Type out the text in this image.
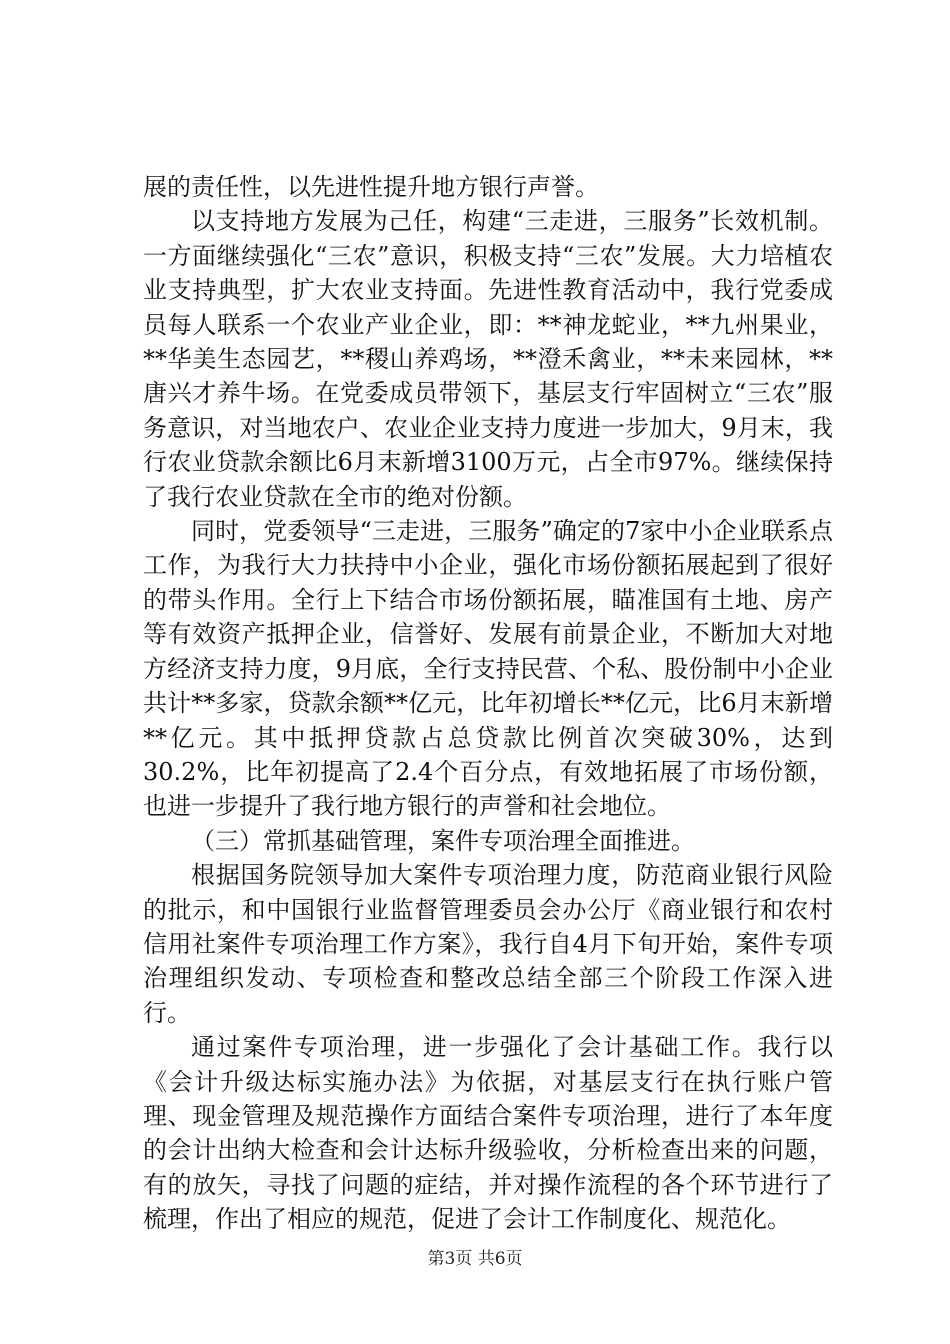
展的责任性，以先进性提升地方银行声誉。

以支持地方发展为己任，构建“三走进，三服务”长效机制。一方面继续强化“三农”意识，积极支持“三农”发展。大力培植农业支持典型，扩大农业支持面。先进性教育活动中，我行党委成员每人联系一个农业产业企业，即：**神龙蛇业，**九州果业，**华美生态园艺，**稷山养鸡场，**澄禾禽业，**未来园林，**唐兴才养牛场。在党委成员带领下，基层支行牢固树立“三农”服务意识，对当地农户、农业企业支持力度进一步加大，9月末，我行农业贷款余额比6月末新增3100万元，占全市97%。继续保持了我行农业贷款在全市的绝对份额。

同时，党委领导“三走进，三服务”确定的7家中小企业联系点工作，为我行大力扶持中小企业，强化市场份额拓展起到了很好的带头作用。全行上下结合市场份额拓展，瞄准国有土地、房产等有效资产抵押企业，信誉好、发展有前景企业，不断加大对地方经济支持力度，9月底，全行支持民营、个私、股份制中小企业共计**多家，贷款余额**亿元，比年初增长**亿元，比6月末新增**亿元。其中抵押贷款占总贷款比例首次突破30%，达到30.2%，比年初提高了2.4个百分点，有效地拓展了市场份额，也进一步提升了我行地方银行的声誉和社会地位。

（三）常抓基础管理，案件专项治理全面推进。

根据国务院领导加大案件专项治理力度，防范商业银行风险的批示，和中国银行业监督管理委员会办公厅《商业银行和农村信用社案件专项治理工作方案》，我行自4月下旬开始，案件专项治理组织发动、专项检查和整改总结全部三个阶段工作深入进行。

通过案件专项治理，进一步强化了会计基础工作。我行以《会计升级达标实施办法》为依据，对基层支行在执行账户管理、现金管理及规范操作方面结合案件专项治理，进行了本年度的会计出纳大检查和会计达标升级验收，分析检查出来的问题，有的放矢，寻找了问题的症结，并对操作流程的各个环节进行了梳理，作出了相应的规范，促进了会计工作制度化、规范化。

第3页 共6页
